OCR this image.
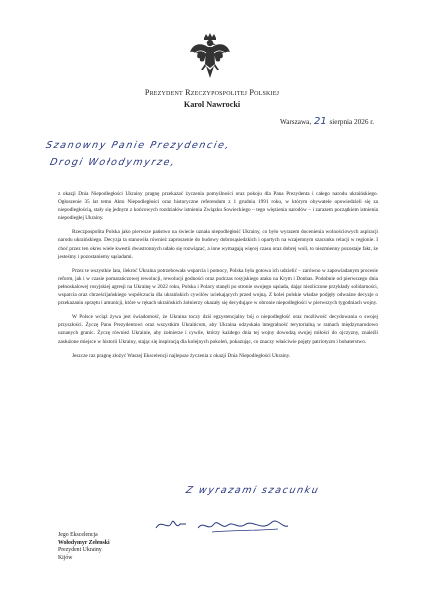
Prezydent Rzeczypospolitej Polskiej
Karol Nawrocki
Warszawa, 21 sierpnia 2026 r.
Szanowny Panie Prezydencie,
Drogi Wołodymyrze,

z okazji Dnia Niepodległości Ukrainy pragnę przekazać życzenia pomyślności oraz pokoju dla Pana Prezydenta i całego narodu ukraińskiego. Ogłoszenie 35 lat temu Aktu Niepodległości oraz historyczne referendum z 1 grudnia 1991 roku, w którym obywatele opowiedzieli się za niepodległością, stały się jednym z końcowych rozdziałów istnienia Związku Sowieckiego – tego więzienia narodów – i zarazem początkiem istnienia niepodległej Ukrainy.

Rzeczpospolita Polska jako pierwsze państwo na świecie uznała niepodległość Ukrainy, co było wyrazem docenienia wolnościowych aspiracji narodu ukraińskiego. Decyzja ta stanowiła również zaproszenie do budowy dobrosąsiedzkich i opartych na wzajemnym szacunku relacji w regionie. I choć przez ten okres wiele kwestii dwustronnych udało się rozwiązać, a inne wymagają więcej czasu oraz dobrej woli, to niezmienny pozostaje fakt, że jesteśmy i pozostaniemy sąsiadami.

Przez te wszystkie lata, ilekroć Ukraina potrzebowała wsparcia i pomocy, Polska była gotowa ich udzielić – zarówno w zapowiadanym procesie reform, jak i w czasie pomarańczowej rewolucji, rewolucji godności oraz podczas rosyjskiego ataku na Krym i Donbas. Podobnie od pierwszego dnia pełnoskalowej rosyjskiej agresji na Ukrainę w 2022 roku, Polska i Polacy stanęli po stronie swojego sąsiada, dając niezliczone przykłady solidarności, wsparcia oraz chrześcijańskiego współczucia dla ukraińskich cywilów uciekających przed wojną. Z kolei polskie władze podjęły odważne decyzje o przekazaniu sprzętu i amunicji, które w rękach ukraińskich żołnierzy okazały się decydujące w obronie niepodległości w pierwszych tygodniach wojny.

W Polsce wciąż żywa jest świadomość, że Ukraina toczy dziś egzystencjalny bój o niepodległość oraz możliwość decydowania o swojej przyszłości. Życzę Panu Prezydentowi oraz wszystkim Ukraińcom, aby Ukraina odzyskała integralność terytorialną w ramach międzynarodowo uznanych granic. Życzę również Ukrainie, aby żołnierze i cywile, którzy każdego dnia tej wojny dowodzą swojej miłości do ojczyzny, znaleźli zasłużone miejsce w historii Ukrainy, stając się inspiracją dla kolejnych pokoleń, pokazując, co znaczy właściwie pojęty patriotyzm i bohaterstwo.

Jeszcze raz pragnę złożyć Waszej Ekscelencji najlepsze życzenia z okazji Dnia Niepodległości Ukrainy.

Z wyrazami szacunku
Jego Ekscelencja
Wołodymyr Zełenski
Prezydent Ukrainy
Kijów
